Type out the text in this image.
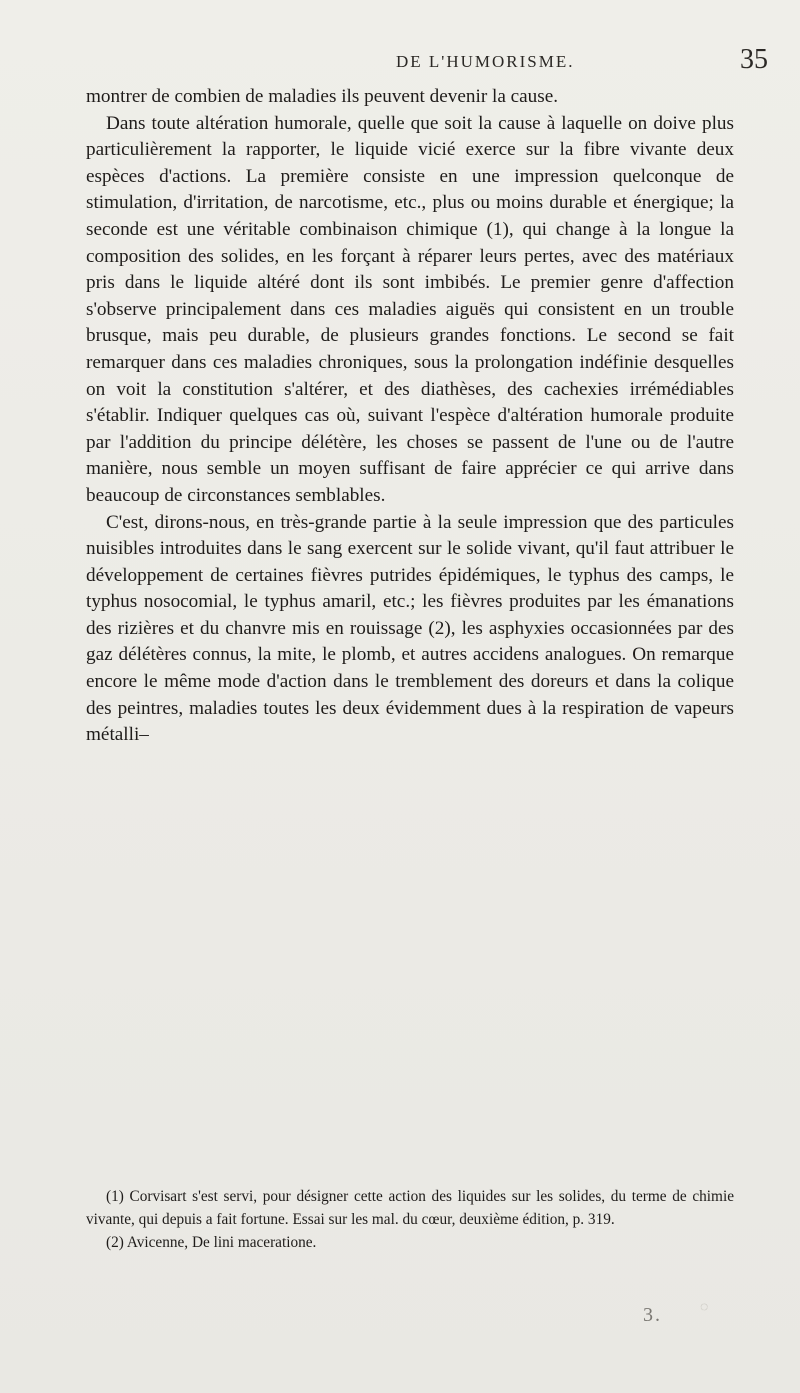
DE L'HUMORISME.	35

montrer de combien de maladies ils peuvent devenir la cause.

Dans toute altération humorale, quelle que soit la cause à laquelle on doive plus particulièrement la rapporter, le liquide vicié exerce sur la fibre vivante deux espèces d'actions. La première consiste en une impression quelconque de stimulation, d'irritation, de narcotisme, etc., plus ou moins durable et énergique; la seconde est une véritable combinaison chimique (1), qui change à la longue la composition des solides, en les forçant à réparer leurs pertes, avec des matériaux pris dans le liquide altéré dont ils sont imbibés. Le premier genre d'affection s'observe principalement dans ces maladies aiguës qui consistent en un trouble brusque, mais peu durable, de plusieurs grandes fonctions. Le second se fait remarquer dans ces maladies chroniques, sous la prolongation indéfinie desquelles on voit la constitution s'altérer, et des diathèses, des cachexies irrémédiables s'établir. Indiquer quelques cas où, suivant l'espèce d'altération humorale produite par l'addition du principe délétère, les choses se passent de l'une ou de l'autre manière, nous semble un moyen suffisant de faire apprécier ce qui arrive dans beaucoup de circonstances semblables.

C'est, dirons-nous, en très-grande partie à la seule impression que des particules nuisibles introduites dans le sang exercent sur le solide vivant, qu'il faut attribuer le développement de certaines fièvres putrides épidémiques, le typhus des camps, le typhus nosocomial, le typhus amaril, etc.; les fièvres produites par les émanations des rizières et du chanvre mis en rouissage (2), les asphyxies occasionnées par des gaz délétères connus, la mite, le plomb, et autres accidens analogues. On remarque encore le même mode d'action dans le tremblement des doreurs et dans la colique des peintres, maladies toutes les deux évidemment dues à la respiration de vapeurs métalli–

(1) Corvisart s'est servi, pour désigner cette action des liquides sur les solides, du terme de chimie vivante, qui depuis a fait fortune. Essai sur les mal. du cœur, deuxième édition, p. 319.

(2) Avicenne, De lini maceratione.

3.	◌
